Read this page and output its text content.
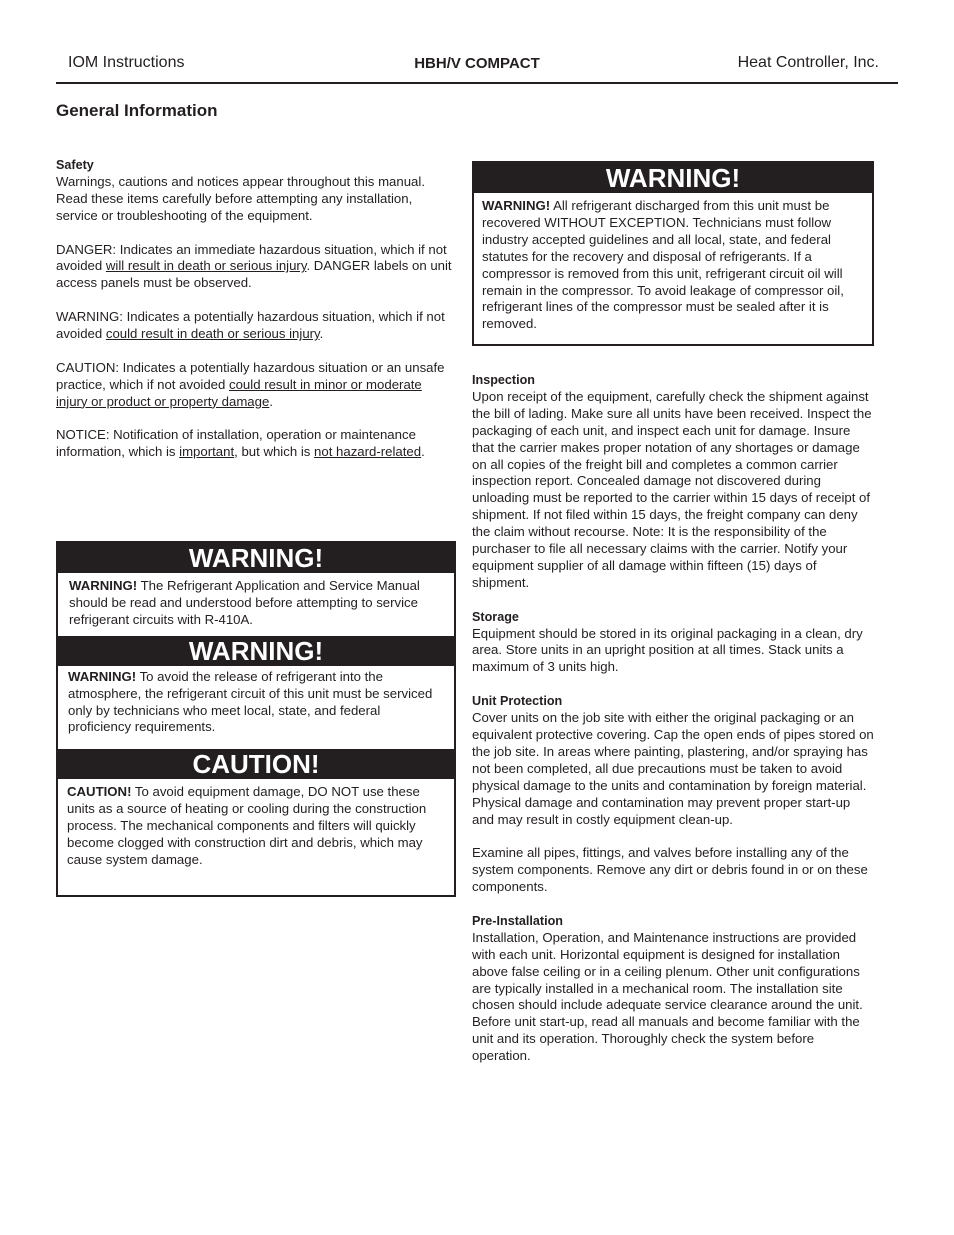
IOM Instructions	HBH/V COMPACT	Heat Controller, Inc.
General Information
Safety

Warnings, cautions and notices appear throughout this manual. Read these items carefully before attempting any installation, service or troubleshooting of the equipment.

DANGER: Indicates an immediate hazardous situation, which if not avoided will result in death or serious injury. DANGER labels on unit access panels must be observed.

WARNING: Indicates a potentially hazardous situation, which if not avoided could result in death or serious injury.

CAUTION: Indicates a potentially hazardous situation or an unsafe practice, which if not avoided could result in minor or moderate injury or product or property damage.

NOTICE: Notification of installation, operation or maintenance information, which is important, but which is not hazard-related.

WARNING!
WARNING! The Refrigerant Application and Service Manual should be read and understood before attempting to service refrigerant circuits with R-410A.
WARNING!
WARNING! To avoid the release of refrigerant into the atmosphere, the refrigerant circuit of this unit must be serviced only by technicians who meet local, state, and federal proficiency requirements.
CAUTION!
CAUTION! To avoid equipment damage, DO NOT use these units as a source of heating or cooling during the construction process. The mechanical components and filters will quickly become clogged with construction dirt and debris, which may cause system damage.
WARNING!
WARNING! All refrigerant discharged from this unit must be recovered WITHOUT EXCEPTION. Technicians must follow industry accepted guidelines and all local, state, and federal statutes for the recovery and disposal of refrigerants. If a compressor is removed from this unit, refrigerant circuit oil will remain in the compressor. To avoid leakage of compressor oil, refrigerant lines of the compressor must be sealed after it is removed.
Inspection

Upon receipt of the equipment, carefully check the shipment against the bill of lading. Make sure all units have been received. Inspect the packaging of each unit, and inspect each unit for damage. Insure that the carrier makes proper notation of any shortages or damage on all copies of the freight bill and completes a common carrier inspection report. Concealed damage not discovered during unloading must be reported to the carrier within 15 days of receipt of shipment. If not filed within 15 days, the freight company can deny the claim without recourse. Note: It is the responsibility of the purchaser to file all necessary claims with the carrier. Notify your equipment supplier of all damage within fifteen (15) days of shipment.

Storage

Equipment should be stored in its original packaging in a clean, dry area. Store units in an upright position at all times. Stack units a maximum of 3 units high.

Unit Protection

Cover units on the job site with either the original packaging or an equivalent protective covering. Cap the open ends of pipes stored on the job site. In areas where painting, plastering, and/or spraying has not been completed, all due precautions must be taken to avoid physical damage to the units and contamination by foreign material. Physical damage and contamination may prevent proper start-up and may result in costly equipment clean-up.

Examine all pipes, fittings, and valves before installing any of the system components. Remove any dirt or debris found in or on these components.

Pre-Installation

Installation, Operation, and Maintenance instructions are provided with each unit. Horizontal equipment is designed for installation above false ceiling or in a ceiling plenum. Other unit configurations are typically installed in a mechanical room. The installation site chosen should include adequate service clearance around the unit. Before unit start-up, read all manuals and become familiar with the unit and its operation. Thoroughly check the system before operation.
